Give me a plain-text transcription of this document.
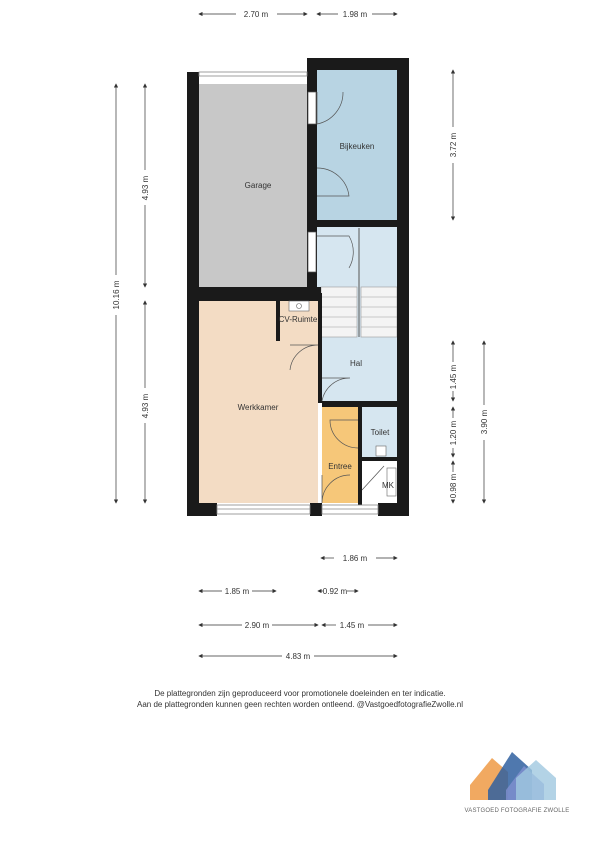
Garage
Bijkeuken
CV-Ruimte
Hal
Werkkamer
Toilet
Entree
MK
2.70 m	1.98 m
10.16 m
4.93 m
4.93 m
3.72 m
3.90 m
1.45 m
1.20 m
0.98 m
1.86 m
1.85 m	0.92 m
2.90 m	1.45 m
4.83 m
De plattegronden zijn geproduceerd voor promotionele doeleinden en ter indicatie.
Aan de plattegronden kunnen geen rechten worden ontleend. @VastgoedfotografieZwolle.nl
VASTGOED FOTOGRAFIE ZWOLLE
